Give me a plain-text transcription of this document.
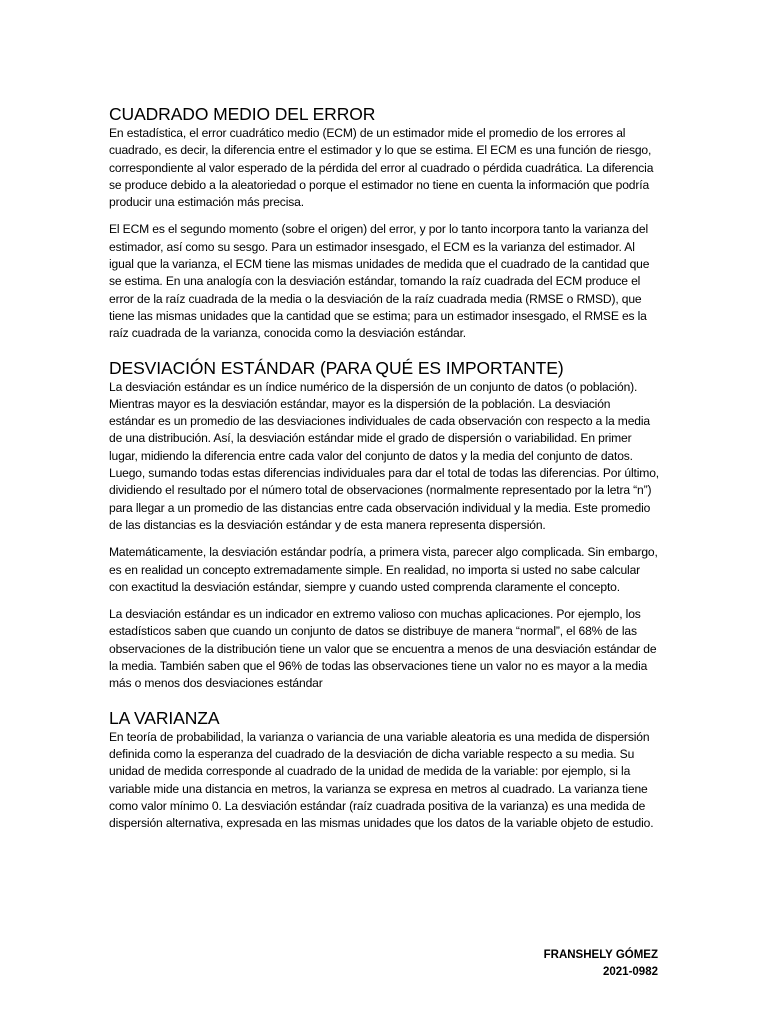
CUADRADO MEDIO DEL ERROR

En estadística, el error cuadrático medio (ECM) de un estimador mide el promedio de los errores al cuadrado, es decir, la diferencia entre el estimador y lo que se estima. El ECM es una función de riesgo, correspondiente al valor esperado de la pérdida del error al cuadrado o pérdida cuadrática. La diferencia se produce debido a la aleatoriedad o porque el estimador no tiene en cuenta la información que podría producir una estimación más precisa.

El ECM es el segundo momento (sobre el origen) del error, y por lo tanto incorpora tanto la varianza del estimador, así como su sesgo. Para un estimador insesgado, el ECM es la varianza del estimador. Al igual que la varianza, el ECM tiene las mismas unidades de medida que el cuadrado de la cantidad que se estima. En una analogía con la desviación estándar, tomando la raíz cuadrada del ECM produce el error de la raíz cuadrada de la media o la desviación de la raíz cuadrada media (RMSE o RMSD), que tiene las mismas unidades que la cantidad que se estima; para un estimador insesgado, el RMSE es la raíz cuadrada de la varianza, conocida como la desviación estándar.

DESVIACIÓN ESTÁNDAR (PARA QUÉ ES IMPORTANTE)

La desviación estándar es un índice numérico de la dispersión de un conjunto de datos (o población). Mientras mayor es la desviación estándar, mayor es la dispersión de la población. La desviación estándar es un promedio de las desviaciones individuales de cada observación con respecto a la media de una distribución. Así, la desviación estándar mide el grado de dispersión o variabilidad. En primer lugar, midiendo la diferencia entre cada valor del conjunto de datos y la media del conjunto de datos. Luego, sumando todas estas diferencias individuales para dar el total de todas las diferencias. Por último, dividiendo el resultado por el número total de observaciones (normalmente representado por la letra “n”) para llegar a un promedio de las distancias entre cada observación individual y la media. Este promedio de las distancias es la desviación estándar y de esta manera representa dispersión.

Matemáticamente, la desviación estándar podría, a primera vista, parecer algo complicada. Sin embargo, es en realidad un concepto extremadamente simple. En realidad, no importa si usted no sabe calcular con exactitud la desviación estándar, siempre y cuando usted comprenda claramente el concepto.

La desviación estándar es un indicador en extremo valioso con muchas aplicaciones. Por ejemplo, los estadísticos saben que cuando un conjunto de datos se distribuye de manera “normal”, el 68% de las observaciones de la distribución tiene un valor que se encuentra a menos de una desviación estándar de la media. También saben que el 96% de todas las observaciones tiene un valor no es mayor a la media más o menos dos desviaciones estándar

LA VARIANZA

En teoría de probabilidad, la varianza o variancia de una variable aleatoria es una medida de dispersión definida como la esperanza del cuadrado de la desviación de dicha variable respecto a su media. Su unidad de medida corresponde al cuadrado de la unidad de medida de la variable: por ejemplo, si la variable mide una distancia en metros, la varianza se expresa en metros al cuadrado. La varianza tiene como valor mínimo 0. La desviación estándar (raíz cuadrada positiva de la varianza) es una medida de dispersión alternativa, expresada en las mismas unidades que los datos de la variable objeto de estudio.

FRANSHELY GÓMEZ
2021-0982
